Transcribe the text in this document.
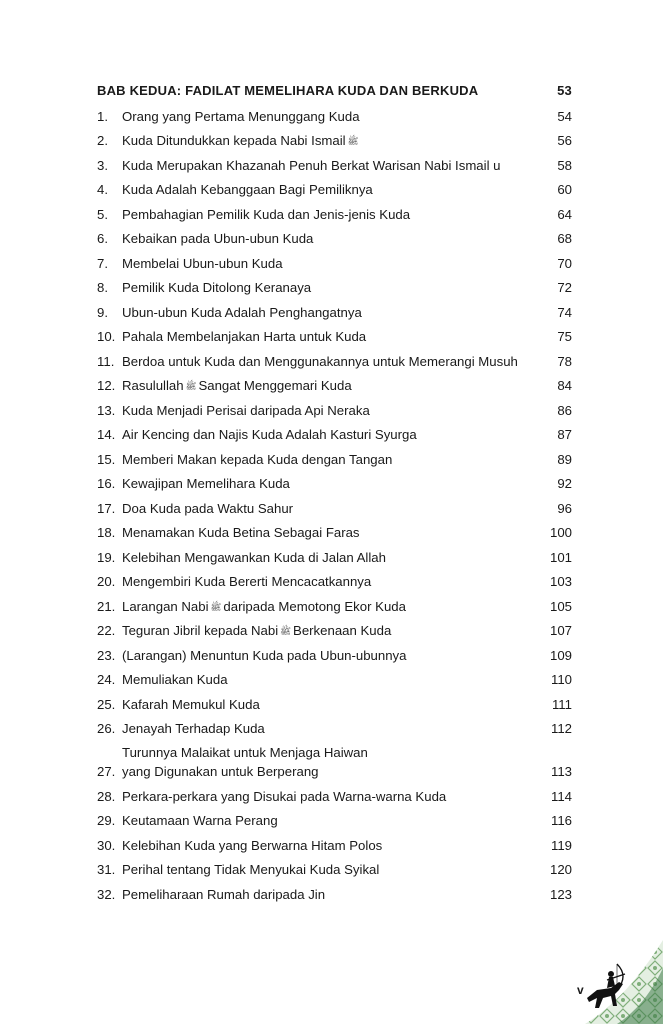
BAB KEDUA: FADILAT MEMELIHARA KUDA DAN BERKUDA	53
1.	Orang yang Pertama Menunggang Kuda	54
2.	Kuda Ditundukkan kepada Nabi Ismail ﷺ	56
3.	Kuda Merupakan Khazanah Penuh Berkat Warisan Nabi Ismail u	58
4.	Kuda Adalah Kebanggaan Bagi Pemiliknya	60
5.	Pembahagian Pemilik Kuda dan Jenis-jenis Kuda	64
6.	Kebaikan pada Ubun-ubun Kuda	68
7.	Membelai Ubun-ubun Kuda	70
8.	Pemilik Kuda Ditolong Keranaya	72
9.	Ubun-ubun Kuda Adalah Penghangatnya	74
10. Pahala Membelanjakan Harta untuk Kuda	75
11. Berdoa untuk Kuda dan Menggunakannya untuk Memerangi Musuh	78
12. Rasulullah ﷺ Sangat Menggemari Kuda	84
13. Kuda Menjadi Perisai daripada Api Neraka	86
14. Air Kencing dan Najis Kuda Adalah Kasturi Syurga	87
15. Memberi Makan kepada Kuda dengan Tangan	89
16. Kewajipan Memelihara Kuda	92
17. Doa Kuda pada Waktu Sahur	96
18. Menamakan Kuda Betina Sebagai Faras	100
19. Kelebihan Mengawankan Kuda di Jalan Allah	101
20. Mengembiri Kuda Bererti Mencacatkannya	103
21. Larangan Nabi ﷺ daripada Memotong Ekor Kuda	105
22. Teguran Jibril kepada Nabi ﷺ Berkenaan Kuda	107
23. (Larangan) Menuntun Kuda pada Ubun-ubunnya	109
24. Memuliakan Kuda	110
25. Kafarah Memukul Kuda	111
26. Jenayah Terhadap Kuda	112
27.
Turunnya Malaikat untuk Menjaga Haiwan
yang Digunakan untuk Berperang	113
28. Perkara-perkara yang Disukai pada Warna-warna Kuda	114
29. Keutamaan Warna Perang	116
30. Kelebihan Kuda yang Berwarna Hitam Polos	119
31. Perihal tentang Tidak Menyukai Kuda Syikal	120
32. Pemeliharaan Rumah daripada Jin	123
v
